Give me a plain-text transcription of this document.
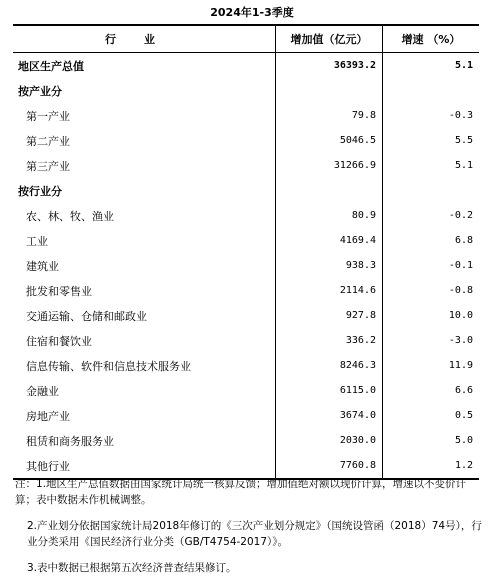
2024年1-3季度
行业	增加值（亿元）	增速 （%）
地区生产总值	36393.2	5.1
按产业分
第一产业	79.8	-0.3
第二产业	5046.5	5.5
第三产业	31266.9	5.1
按行业分
农、林、牧、渔业	80.9	-0.2
工业	4169.4	6.8
建筑业	938.3	-0.1
批发和零售业	2114.6	-0.8
交通运输、仓储和邮政业	927.8	10.0
住宿和餐饮业	336.2	-3.0
信息传输、软件和信息技术服务业	8246.3	11.9
金融业	6115.0	6.6
房地产业	3674.0	0.5
租赁和商务服务业	2030.0	5.0
其他行业	7760.8	1.2

注：1.地区生产总值数据由国家统计局统一核算反馈；增加值绝对额以现价计算，增速以不变价计算；表中数据未作机械调整。

2.产业划分依据国家统计局2018年修订的《三次产业划分规定》（国统设管函（2018）74号），行业分类采用《国民经济行业分类（GB/T4754-2017）》。

3.表中数据已根据第五次经济普查结果修订。
